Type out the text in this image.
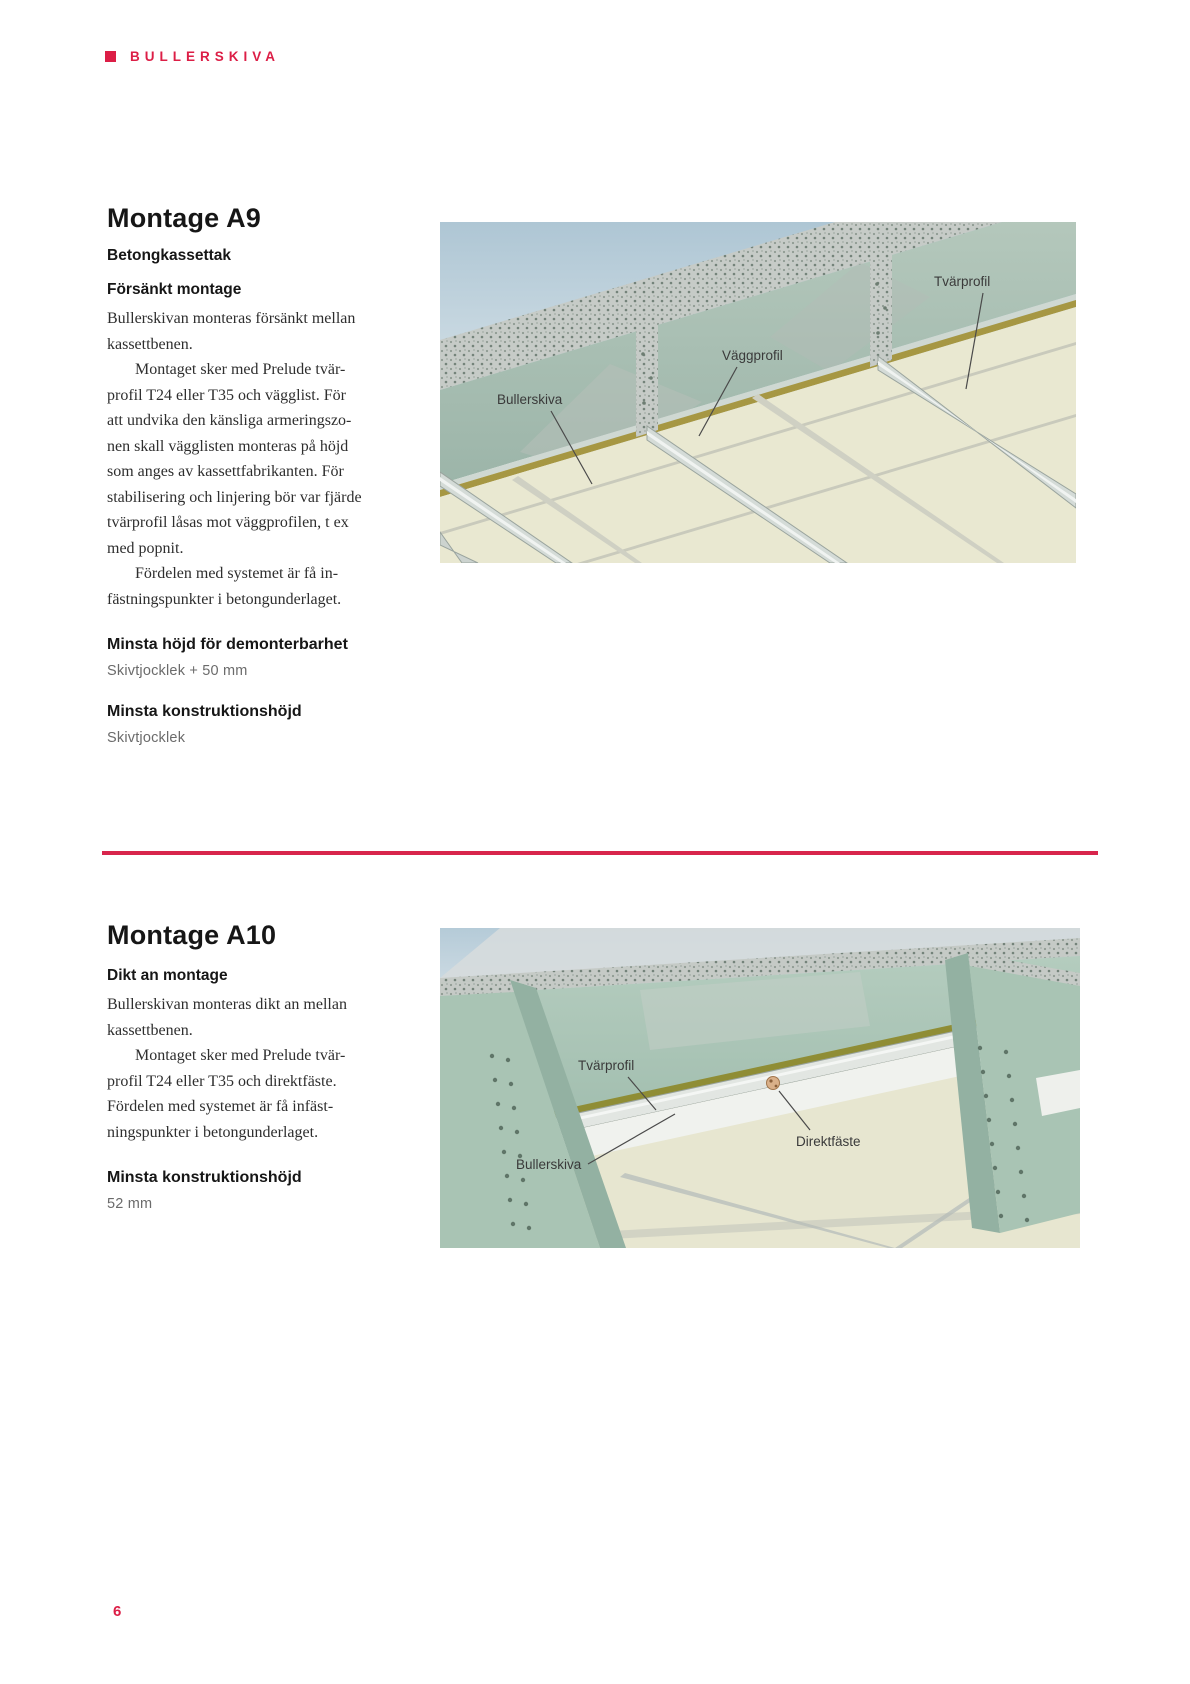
BULLERSKIVA
Montage A9
Betongkassettak
Försänkt montage
Bullerskivan monteras försänkt mellan
kassettbenen.
Montaget sker med Prelude tvär-
profil T24 eller T35 och vägglist. För
att undvika den känsliga armeringszo-
nen skall vägglisten monteras på höjd
som anges av kassettfabrikanten. För
stabilisering och linjering bör var fjärde
tvärprofil låsas mot väggprofilen, t ex
med popnit.
Fördelen med systemet är få in-
fästningspunkter i betongunderlaget.
Minsta höjd för demonterbarhet
Skivtjocklek + 50 mm
Minsta konstruktionshöjd
Skivtjocklek
Bullerskiva
Väggprofil
Tvärprofil
Montage A10
Dikt an montage
Bullerskivan monteras dikt an mellan
kassettbenen.
Montaget sker med Prelude tvär-
profil T24 eller T35 och direktfäste.
Fördelen med systemet är få infäst-
ningspunkter i betongunderlaget.
Minsta konstruktionshöjd
52 mm
Tvärprofil
Direktfäste
Bullerskiva
6
